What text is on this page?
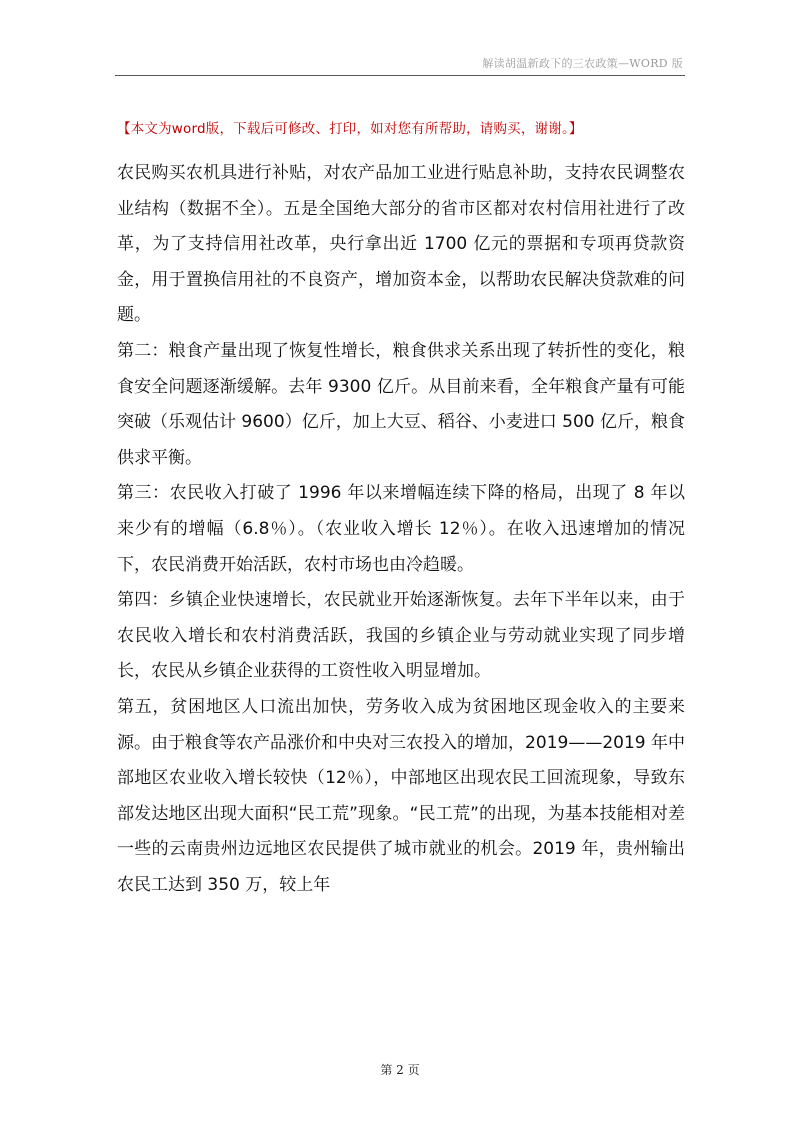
解读胡温新政下的三农政策—WORD 版
【本文为word版，下载后可修改、打印，如对您有所帮助，请购买，谢谢。】

农民购买农机具进行补贴，对农产品加工业进行贴息补助，支持农民调整农业结构（数据不全）。五是全国绝大部分的省市区都对农村信用社进行了改革，为了支持信用社改革，央行拿出近 1700 亿元的票据和专项再贷款资金，用于置换信用社的不良资产，增加资本金，以帮助农民解决贷款难的问题。

第二：粮食产量出现了恢复性增长，粮食供求关系出现了转折性的变化，粮食安全问题逐渐缓解。去年 9300 亿斤。从目前来看，全年粮食产量有可能突破（乐观估计 9600）亿斤，加上大豆、稻谷、小麦进口 500 亿斤，粮食供求平衡。

第三：农民收入打破了 1996 年以来增幅连续下降的格局，出现了 8 年以来少有的增幅（6.8％）。（农业收入增长 12％）。在收入迅速增加的情况下，农民消费开始活跃，农村市场也由冷趋暖。

第四：乡镇企业快速增长，农民就业开始逐渐恢复。去年下半年以来，由于农民收入增长和农村消费活跃，我国的乡镇企业与劳动就业实现了同步增长，农民从乡镇企业获得的工资性收入明显增加。

第五，贫困地区人口流出加快，劳务收入成为贫困地区现金收入的主要来源。由于粮食等农产品涨价和中央对三农投入的增加，2019——2019 年中部地区农业收入增长较快（12％），中部地区出现农民工回流现象，导致东部发达地区出现大面积“民工荒”现象。“民工荒”的出现，为基本技能相对差一些的云南贵州边远地区农民提供了城市就业的机会。2019 年，贵州输出农民工达到 350 万，较上年

第 2 页
